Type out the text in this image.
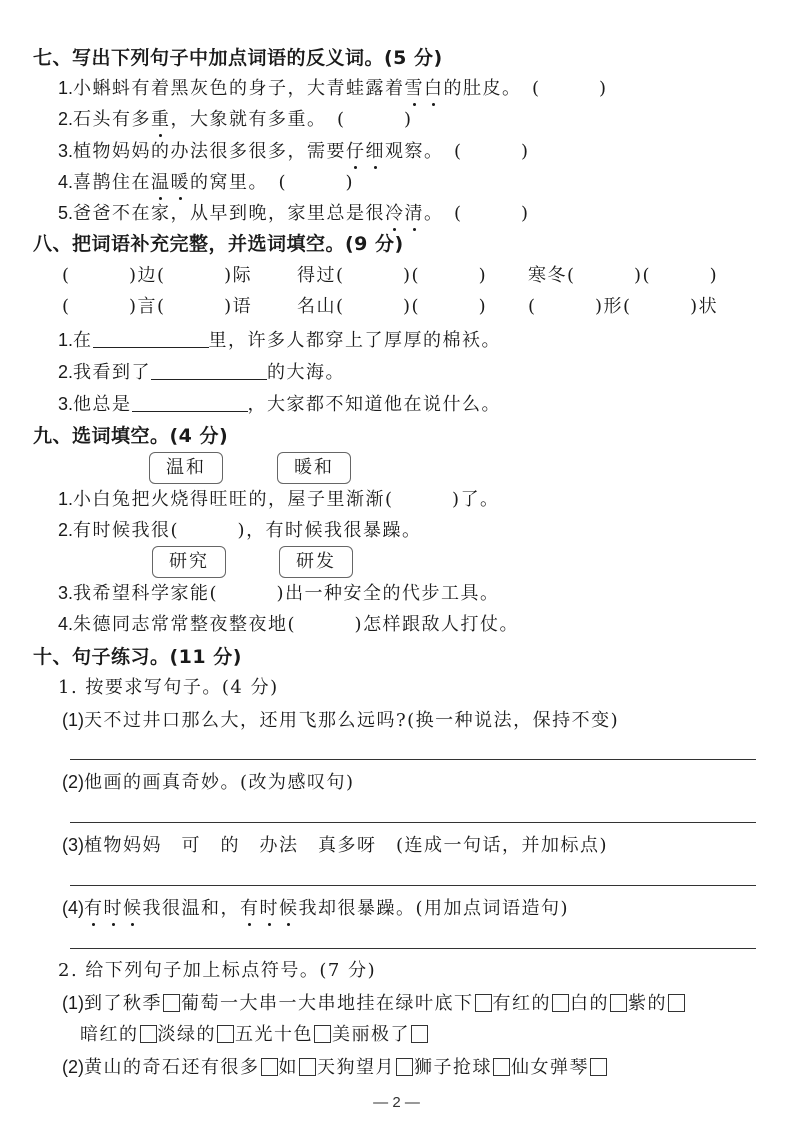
七、写出下列句子中加点词语的反义词。(5 分)
1.小蝌蚪有着黑灰色的身子，大青蛙露着雪白的肚皮。　 (　　　)
2.石头有多重，大象就有多重。　 (　　　)
3.植物妈妈的办法很多很多，需要仔细观察。　 (　　　)
4.喜鹊住在温暖的窝里。　 (　　　)
5.爸爸不在家，从早到晚，家里总是很冷清。　 (　　　)
八、把词语补充完整，并选词填空。(9 分)
(　　　)边(　　　)际 得过(　　　)(　　　) 寒冬(　　　)(　　　)
(　　　)言(　　　)语 名山(　　　)(　　　) (　　　)形(　　　)状
1.在	里，许多人都穿上了厚厚的棉袄。
2.我看到了	的大海。
3.他总是	，大家都不知道他在说什么。
九、选词填空。(4 分)
温和	暖和
1.小白兔把火烧得旺旺的，屋子里渐渐(　　　)了。
2.有时候我很(　　　)，有时候我很暴躁。
研究	研发
3.我希望科学家能(　　　)出一种安全的代步工具。
4.朱德同志常常整夜整夜地(　　　)怎样跟敌人打仗。
十、句子练习。(11 分)
1. 按要求写句子。(4 分)
(1)天不过井口那么大，还用飞那么远吗?(换一种说法，保持不变)
(2)他画的画真奇妙。(改为感叹句)
(3)植物妈妈　可　的　办法　真多呀　(连成一句话，并加标点)
(4)有时候我很温和，有时候我却很暴躁。(用加点词语造句)
2. 给下列句子加上标点符号。(7 分)
(1)到了秋季 葡萄一大串一大串地挂在绿叶底下 有红的 白的 紫的
暗红的 淡绿的 五光十色 美丽极了
(2)黄山的奇石还有很多 如 天狗望月 狮子抢球 仙女弹琴
— 2 —
